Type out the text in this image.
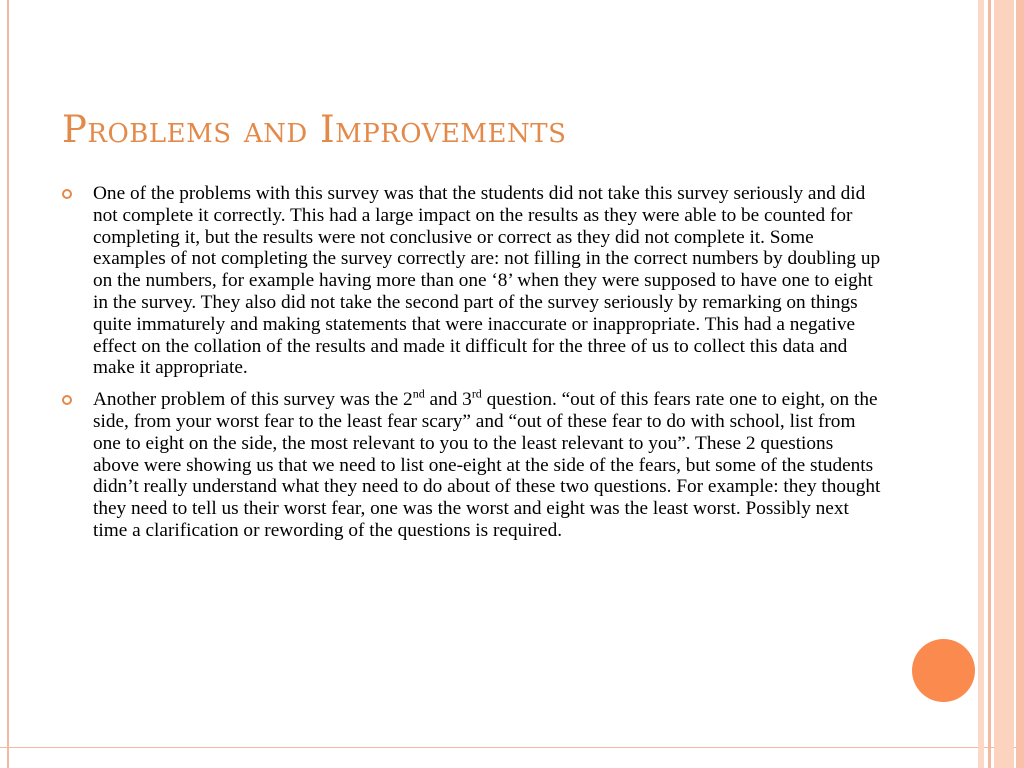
Problems and Improvements
One of the problems with this survey was that the students did not take this survey seriously and did not complete it correctly. This had a large impact on the results as they were able to be counted for completing it, but the results were not conclusive or correct as they did not complete it. Some examples of not completing the survey correctly are: not filling in the correct numbers by doubling up on the numbers, for example having more than one ‘8’ when they were supposed to have one to eight in the survey. They also did not take the second part of the survey seriously by remarking on things quite immaturely and making statements that were inaccurate or inappropriate. This had a negative effect on the collation of the results and made it difficult for the three of us to collect this data and make it appropriate.
Another problem of this survey was the 2nd and 3rd question. “out of this fears rate one to eight, on the side, from your worst fear to the least fear scary” and “out of these fear to do with school, list from one to eight on the side, the most relevant to you to the least relevant to you”. These 2 questions above were showing us that we need to list one-eight at the side of the fears, but some of the students didn’t really understand what they need to do about of these two questions. For example: they thought they need to tell us their worst fear, one was the worst and eight was the least worst. Possibly next time a clarification or rewording of the questions is required.
